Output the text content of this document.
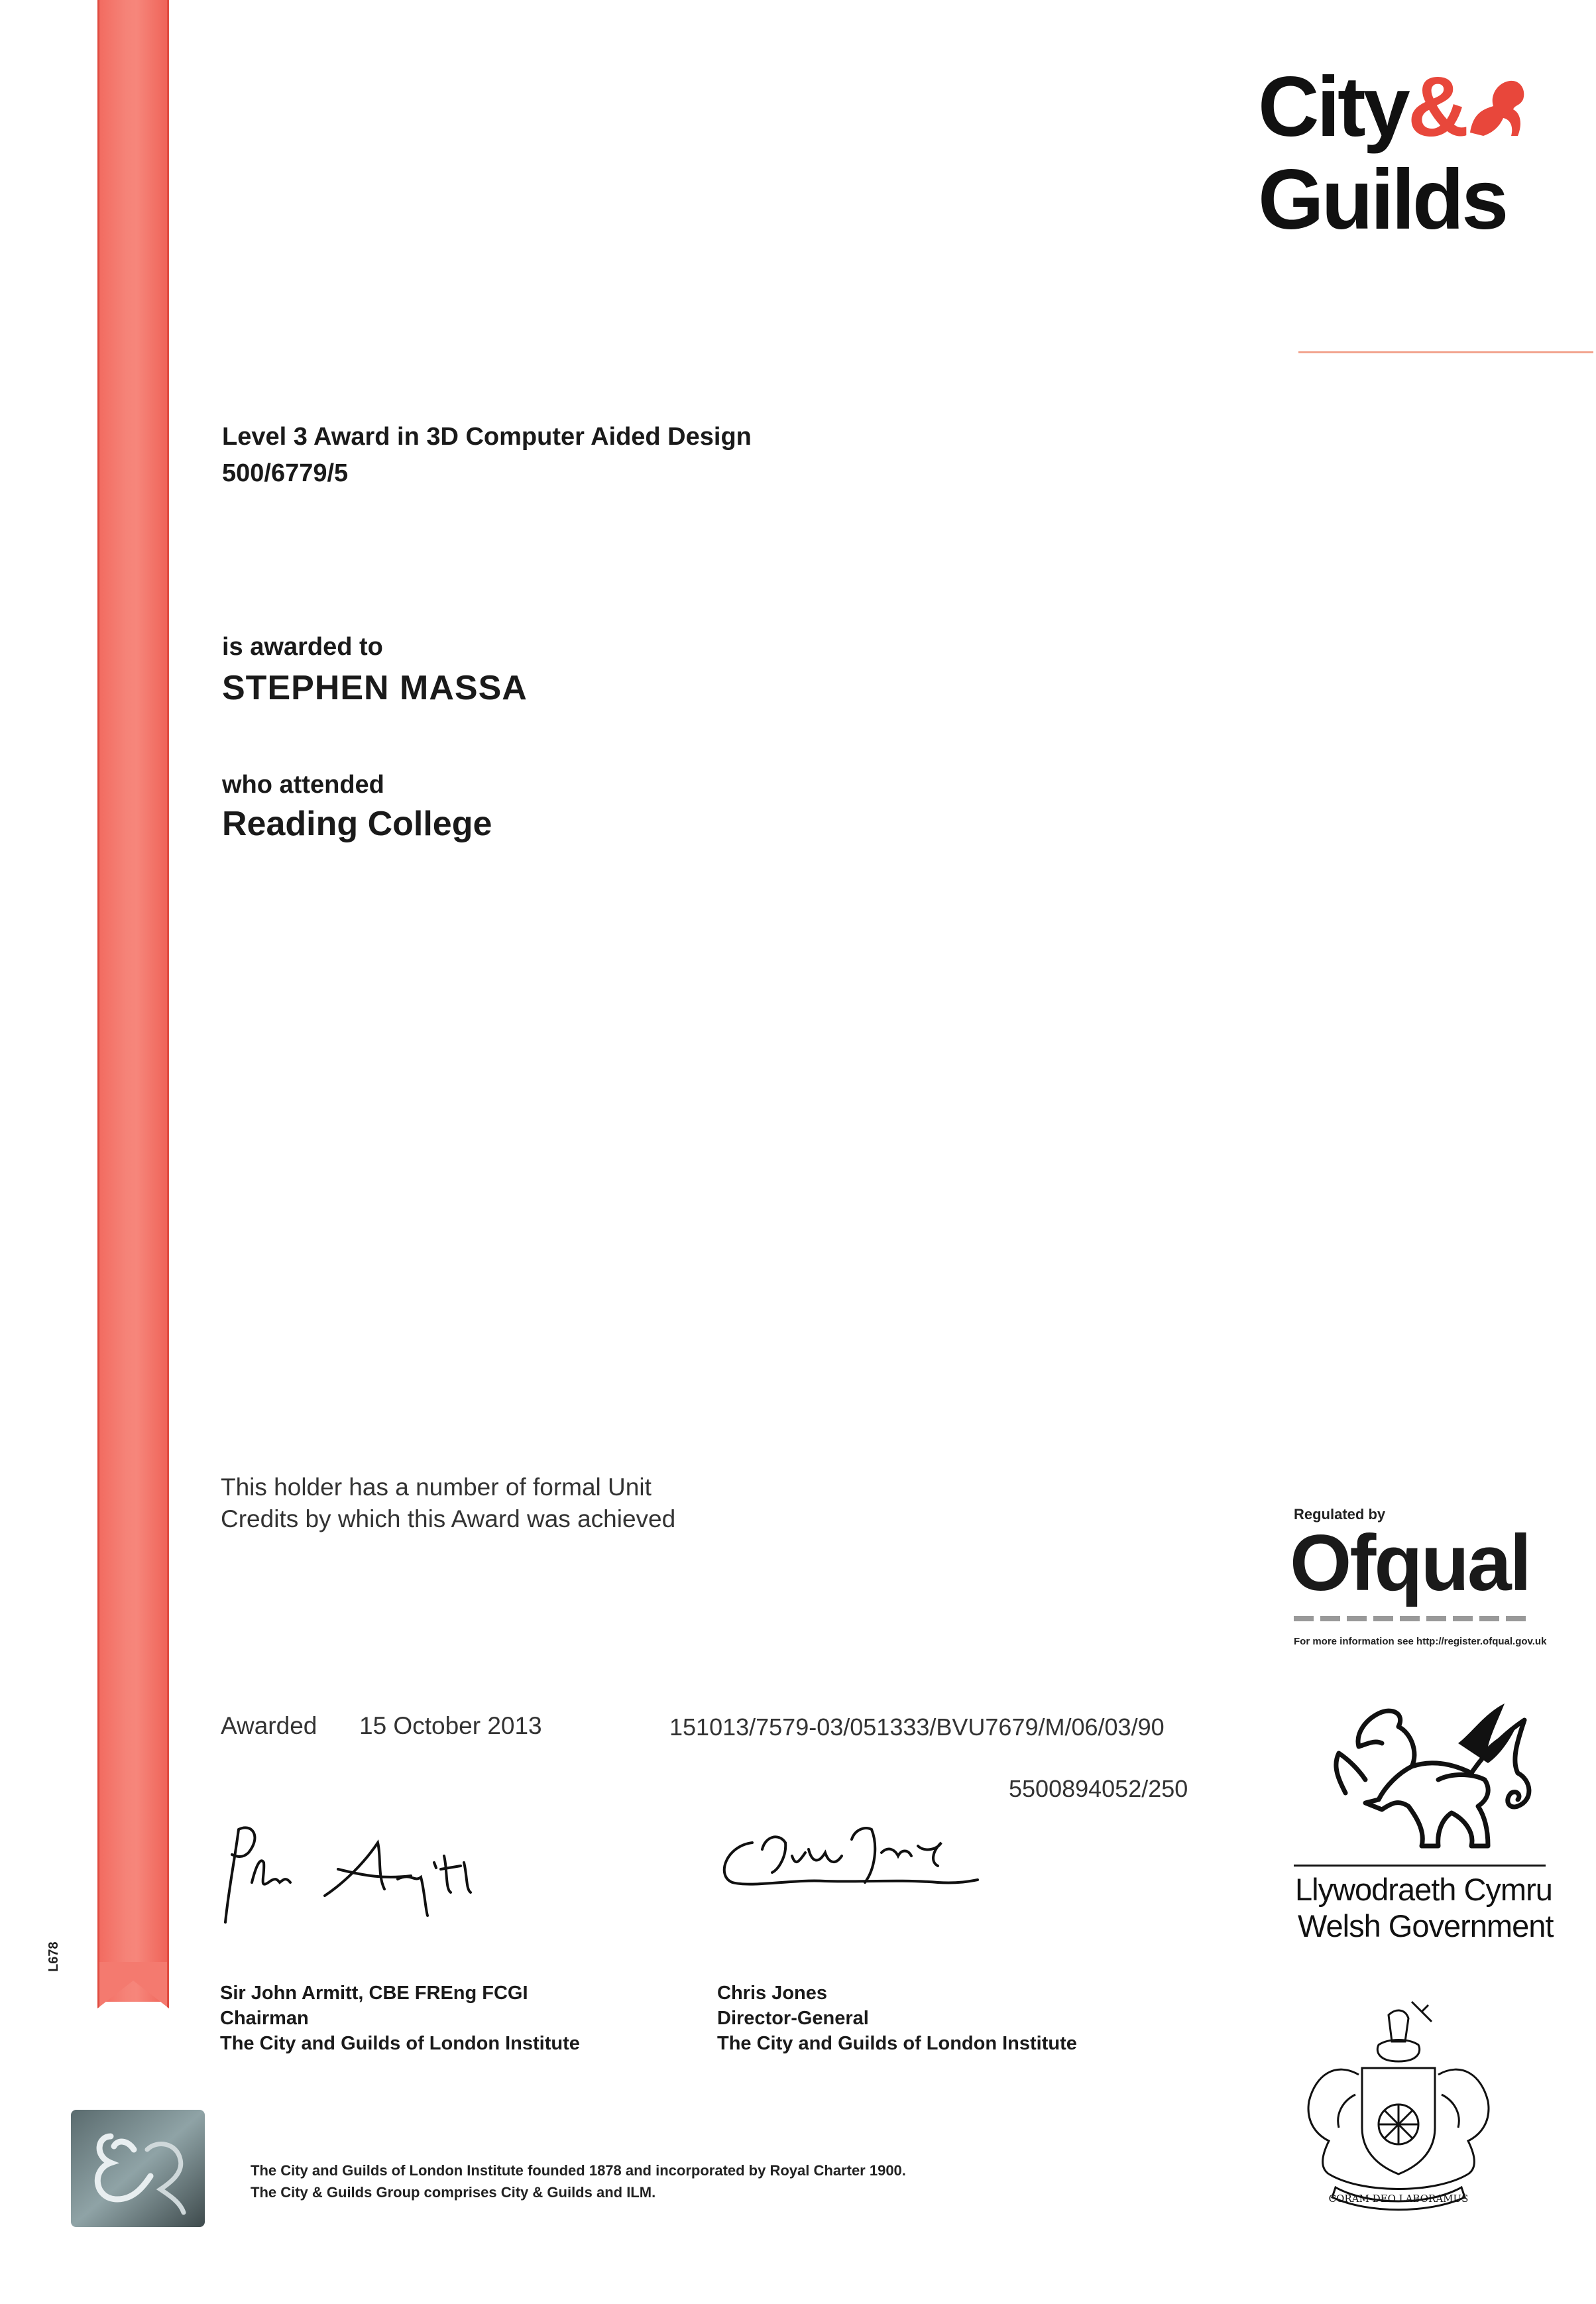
L678
City&
Guilds
Level 3 Award in 3D Computer Aided Design
500/6779/5
is awarded to
STEPHEN MASSA
who attended
Reading College
This holder has a number of formal Unit
Credits by which this Award was achieved
Awarded 15 October 2013	151013/7579-03/051333/BVU7679/M/06/03/90
5500894052/250
Sir John Armitt, CBE FREng FCGI
Chairman
The City and Guilds of London Institute
Chris Jones
Director-General
The City and Guilds of London Institute
Regulated by
Ofqual
For more information see http://register.ofqual.gov.uk
Llywodraeth Cymru
Welsh Government
CORAM DEO LABORAMUS
The City and Guilds of London Institute founded 1878 and incorporated by Royal Charter 1900.
The City & Guilds Group comprises City & Guilds and ILM.
